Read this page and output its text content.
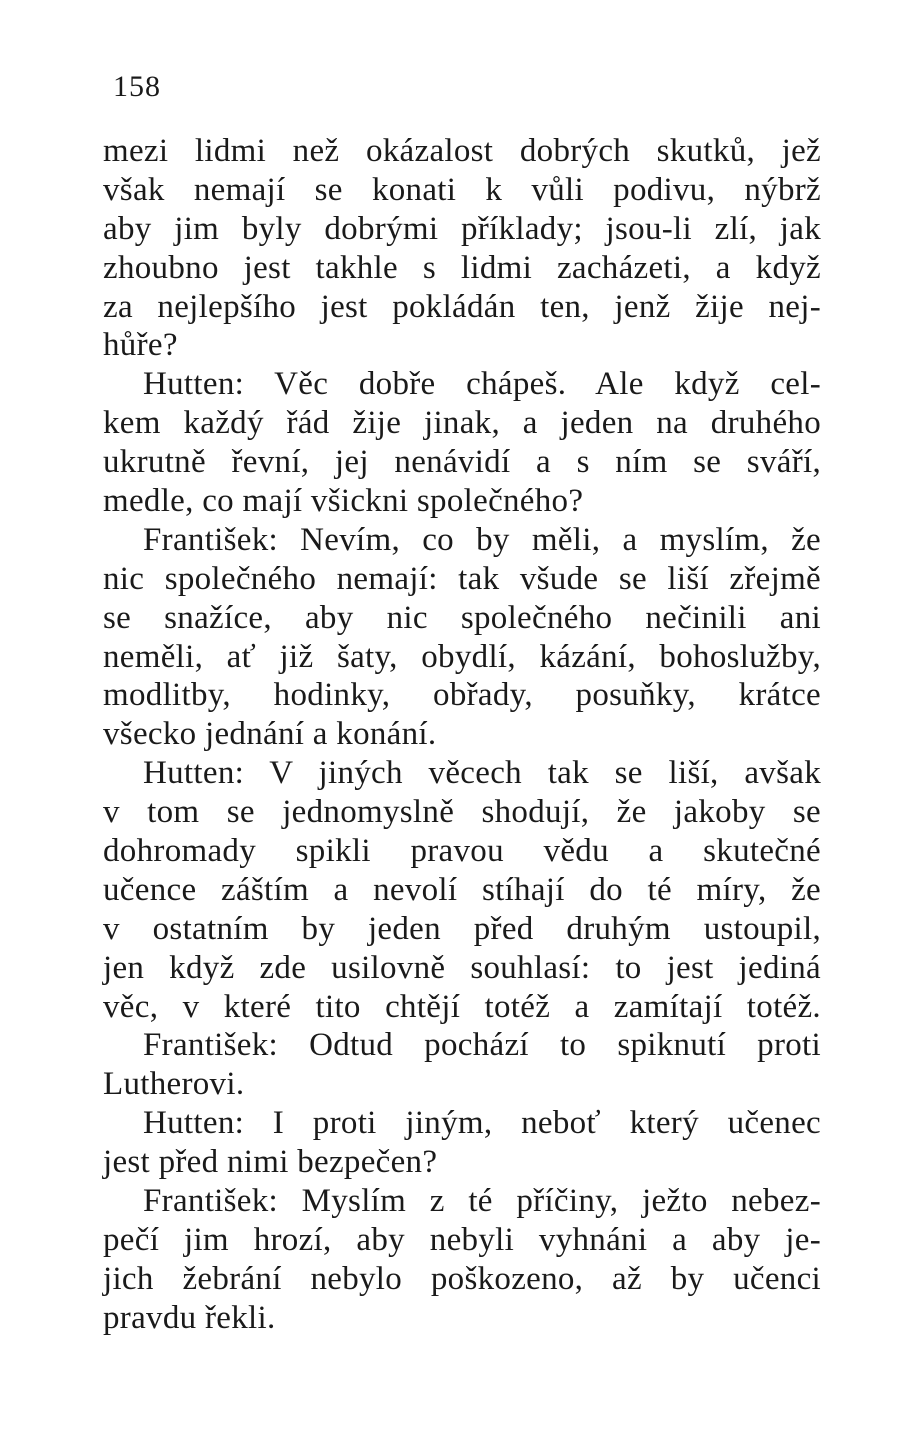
158
mezi lidmi než okázalost dobrých skutků, jež
však nemají se konati k vůli podivu, nýbrž
aby jim byly dobrými příklady; jsou-li zlí, jak
zhoubno jest takhle s lidmi zacházeti, a když
za nejlepšího jest pokládán ten, jenž žije nej-
hůře?
Hutten: Věc dobře chápeš. Ale když cel-
kem každý řád žije jinak, a jeden na druhého
ukrutně řevní, jej nenávidí a s ním se sváří,
medle, co mají všickni společného?
František: Nevím, co by měli, a myslím, že
nic společného nemají: tak všude se liší zřejmě
se snažíce, aby nic společného nečinili ani
neměli, ať již šaty, obydlí, kázání, bohoslužby,
modlitby, hodinky, obřady, posuňky, krátce
všecko jednání a konání.
Hutten: V jiných věcech tak se liší, avšak
v tom se jednomyslně shodují, že jakoby se
dohromady spikli pravou vědu a skutečné
učence záštím a nevolí stíhají do té míry, že
v ostatním by jeden před druhým ustoupil,
jen když zde usilovně souhlasí: to jest jediná
věc, v které tito chtějí totéž a zamítají totéž.
František: Odtud pochází to spiknutí proti
Lutherovi.
Hutten: I proti jiným, neboť který učenec
jest před nimi bezpečen?
František: Myslím z té příčiny, ježto nebez-
pečí jim hrozí, aby nebyli vyhnáni a aby je-
jich žebrání nebylo poškozeno, až by učenci
pravdu řekli.
